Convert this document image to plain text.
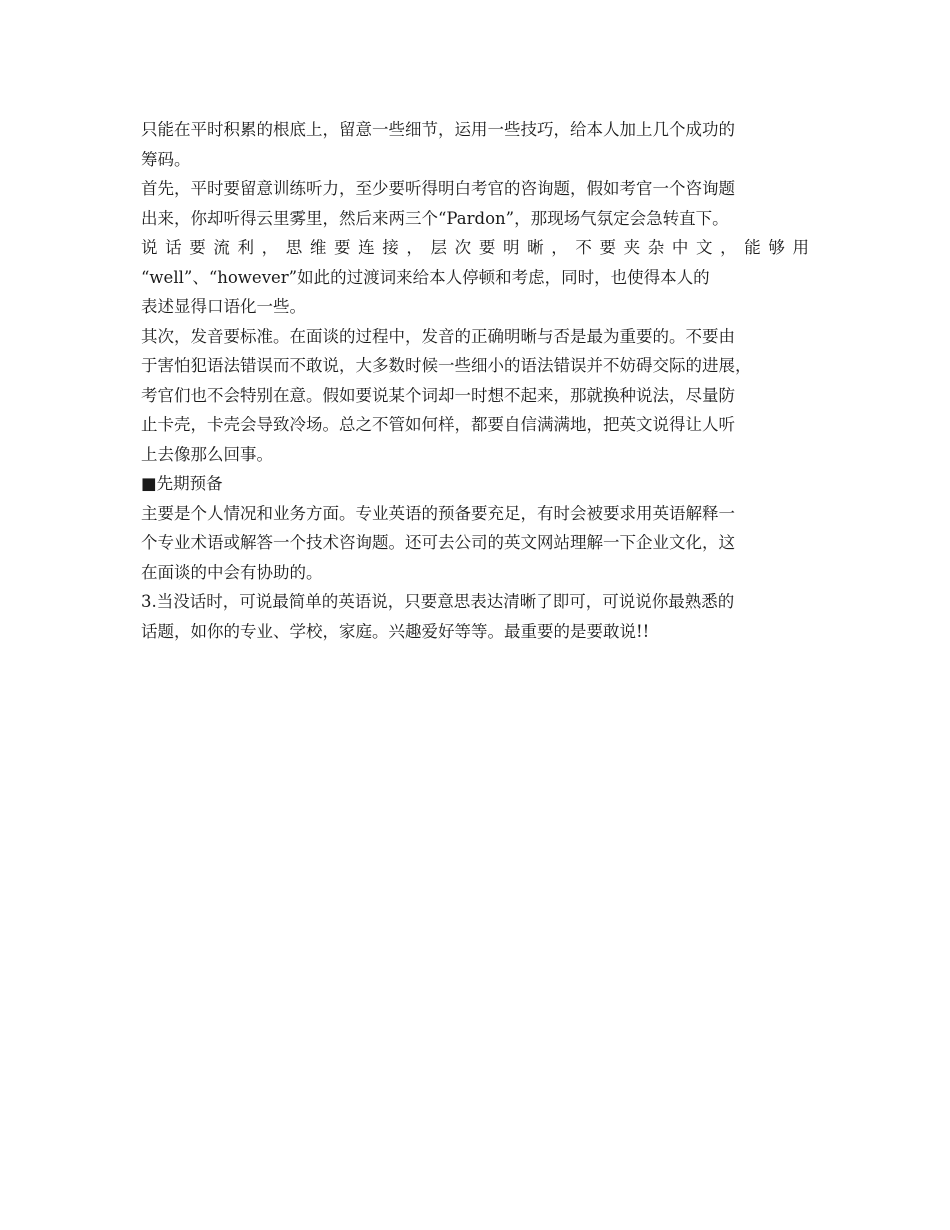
只能在平时积累的根底上，留意一些细节，运用一些技巧，给本人加上几个成功的
筹码。
首先，平时要留意训练听力，至少要听得明白考官的咨询题，假如考官一个咨询题
出来，你却听得云里雾里，然后来两三个“Pardon”，那现场气氛定会急转直下。
说话要流利，思维要连接，层次要明晰，不要夹杂中文，能够用
“well”、“however”如此的过渡词来给本人停顿和考虑，同时，也使得本人的
表述显得口语化一些。
其次，发音要标准。在面谈的过程中，发音的正确明晰与否是最为重要的。不要由
于害怕犯语法错误而不敢说，大多数时候一些细小的语法错误并不妨碍交际的进展，
考官们也不会特别在意。假如要说某个词却一时想不起来，那就换种说法，尽量防
止卡壳，卡壳会导致冷场。总之不管如何样，都要自信满满地，把英文说得让人听
上去像那么回事。
■先期预备
主要是个人情况和业务方面。专业英语的预备要充足，有时会被要求用英语解释一
个专业术语或解答一个技术咨询题。还可去公司的英文网站理解一下企业文化，这
在面谈的中会有协助的。
3.当没话时，可说最简单的英语说，只要意思表达清晰了即可，可说说你最熟悉的
话题，如你的专业、学校，家庭。兴趣爱好等等。最重要的是要敢说!!
